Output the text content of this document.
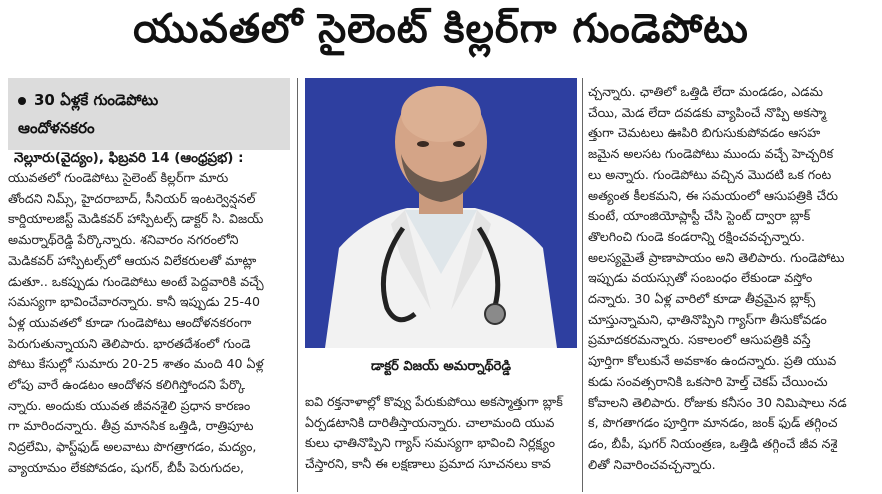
యువతలో సైలెంట్ కిల్లర్‌గా గుండెపోటు
30 ఏళ్లకే గుండెపోటు
ఆందోళనకరం
నెల్లూరు(వైద్యం), ఫిబ్రవరి 14 (ఆంధ్రప్రభ) :
యువతలో గుండెపోటు సైలెంట్ కిల్లర్‌గా మారు
తోందని నిమ్స్, హైదరాబాద్, సీనియర్ ఇంటర్వెన్షనల్
కార్డియాలజిస్ట్ మెడికవర్ హాస్పిటల్స్ డాక్టర్ సి. విజయ్
అమర్నాథ్‌రెడ్డి పేర్కొన్నారు. శనివారం నగరంలోని
మెడికవర్ హాస్పిటల్స్‌లో ఆయన విలేకరులతో మాట్లా
డుతూ.. ఒకప్పుడు గుండెపోటు అంటే పెద్దవారికి వచ్చే
సమస్యగా భావించేవారన్నారు. కానీ ఇప్పుడు 25-40
ఏళ్ల యువతలో కూడా గుండెపోటు ఆందోళనకరంగా
పెరుగుతున్నాయని తెలిపారు. భారతదేశంలో గుండె
పోటు కేసుల్లో సుమారు 20-25 శాతం మంది 40 ఏళ్ల
లోపు వారే ఉండటం ఆందోళన కలిగిస్తోందని పేర్కొ
న్నారు. అందుకు యువత జీవనశైలి ప్రధాన కారణం
గా మారిందన్నారు. తీవ్ర మానసిక ఒత్తిడి, రాత్రిపూట
నిద్రలేమి, ఫాస్ట్‌ఫుడ్ అలవాటు పొగత్రాగడం, మద్యం,
వ్యాయామం లేకపోవడం, షుగర్, బీపీ పెరుగుదల,
డాక్టర్ విజయ్ అమర్నాథ్‌రెడ్డి
ఐవి రక్తనాళాల్లో కొవ్వు పేరుకుపోయి అకస్మాత్తుగా బ్లాక్
ఏర్పడటానికి దారితీస్తాయన్నారు. చాలామంది యువ
కులు ఛాతినొప్పిని గ్యాస్ సమస్యగా భావించి నిర్లక్ష్యం
చేస్తారని, కానీ ఈ లక్షణాలు ప్రమాద సూచనలు కావ
చ్చన్నారు. ఛాతిలో ఒత్తిడి లేదా మండడం, ఎడమ
చేయి, మెడ లేదా దవడకు వ్యాపించే నొప్పి అకస్మా
త్తుగా చెమటలు ఊపిరి బిగుసుకుపోవడం ఆసహ
జమైన అలసట గుండెపోటు ముందు వచ్చే హెచ్చరిక
లు అన్నారు. గుండెపోటు వచ్చిన మొదటి ఒక గంట
అత్యంత కీలకమని, ఈ సమయంలో ఆసుపత్రికి చేరు
కుంటే, యాంజియోప్లాస్టీ చేసి స్టెంట్ ద్వారా బ్లాక్
తొలగించి గుండె కండరాన్ని రక్షించవచ్చన్నారు.
అలస్యమైతే ప్రాణాపాయం అని తెలిపారు. గుండెపోటు
ఇప్పుడు వయస్సుతో సంబంధం లేకుండా వస్తోం
దన్నారు. 30 ఏళ్ల వారిలో కూడా తీవ్రమైన బ్లాక్స్
చూస్తున్నామని, ఛాతినొప్పిని గ్యాస్‌గా తీసుకోవడం
ప్రమాదకరమన్నారు. సకాలంలో ఆసుపత్రికి వస్తే
పూర్తిగా కోలుకునే అవకాశం ఉందన్నారు. ప్రతి యువ
కుడు సంవత్సరానికి ఒకసారి హెల్త్ చెకప్ చేయించు
కోవాలని తెలిపారు. రోజుకు కనీసం 30 నిమిషాలు నడ
క, పొగతాగడం పూర్తిగా మానడం, జంక్ ఫుడ్ తగ్గించ
డం, బీపీ, షుగర్ నియంత్రణ, ఒత్తిడి తగ్గించే జీవ నశై
లితో నివారించవచ్చన్నారు.
